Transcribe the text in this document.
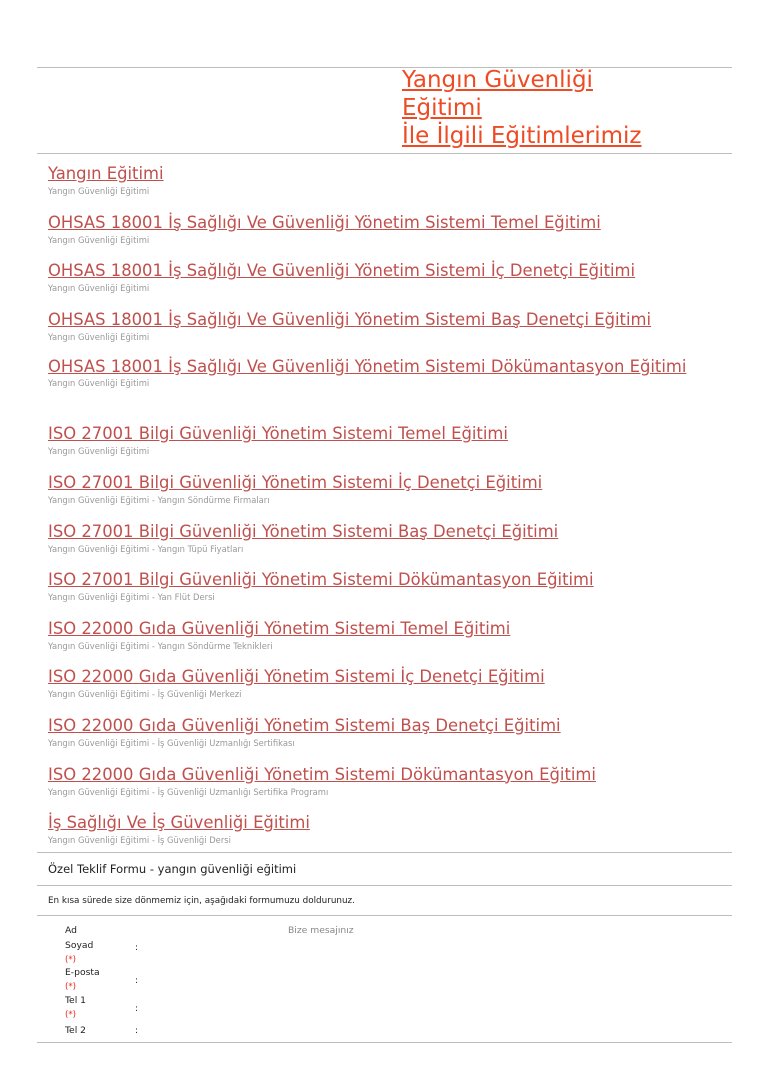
Yangın Güvenliği
Eğitimi
İle İlgili Eğitimlerimiz
Yangın Eğitimi
Yangın Güvenliği Eğitimi
OHSAS 18001 İş Sağlığı Ve Güvenliği Yönetim Sistemi Temel Eğitimi
Yangın Güvenliği Eğitimi
OHSAS 18001 İş Sağlığı Ve Güvenliği Yönetim Sistemi İç Denetçi Eğitimi
Yangın Güvenliği Eğitimi
OHSAS 18001 İş Sağlığı Ve Güvenliği Yönetim Sistemi Baş Denetçi Eğitimi
Yangın Güvenliği Eğitimi
OHSAS 18001 İş Sağlığı Ve Güvenliği Yönetim Sistemi Dökümantasyon Eğitimi
Yangın Güvenliği Eğitimi
ISO 27001 Bilgi Güvenliği Yönetim Sistemi Temel Eğitimi
Yangın Güvenliği Eğitimi
ISO 27001 Bilgi Güvenliği Yönetim Sistemi İç Denetçi Eğitimi
Yangın Güvenliği Eğitimi - Yangın Söndürme Firmaları
ISO 27001 Bilgi Güvenliği Yönetim Sistemi Baş Denetçi Eğitimi
Yangın Güvenliği Eğitimi - Yangın Tüpü Fiyatları
ISO 27001 Bilgi Güvenliği Yönetim Sistemi Dökümantasyon Eğitimi
Yangın Güvenliği Eğitimi - Yan Flüt Dersi
ISO 22000 Gıda Güvenliği Yönetim Sistemi Temel Eğitimi
Yangın Güvenliği Eğitimi - Yangın Söndürme Teknikleri
ISO 22000 Gıda Güvenliği Yönetim Sistemi İç Denetçi Eğitimi
Yangın Güvenliği Eğitimi - İş Güvenliği Merkezi
ISO 22000 Gıda Güvenliği Yönetim Sistemi Baş Denetçi Eğitimi
Yangın Güvenliği Eğitimi - İş Güvenliği Uzmanlığı Sertifikası
ISO 22000 Gıda Güvenliği Yönetim Sistemi Dökümantasyon Eğitimi
Yangın Güvenliği Eğitimi - İş Güvenliği Uzmanlığı Sertifika Programı
İş Sağlığı Ve İş Güvenliği Eğitimi
Yangın Güvenliği Eğitimi - İş Güvenliği Dersi
Özel Teklif Formu - yangın güvenliği eğitimi
En kısa sürede size dönmemiz için, aşağıdaki formumuzu doldurunuz.
Ad
Soyad
(*)
:
E-posta
(*)
:
Tel 1
(*)
:
Tel 2	:
Bize mesajınız
